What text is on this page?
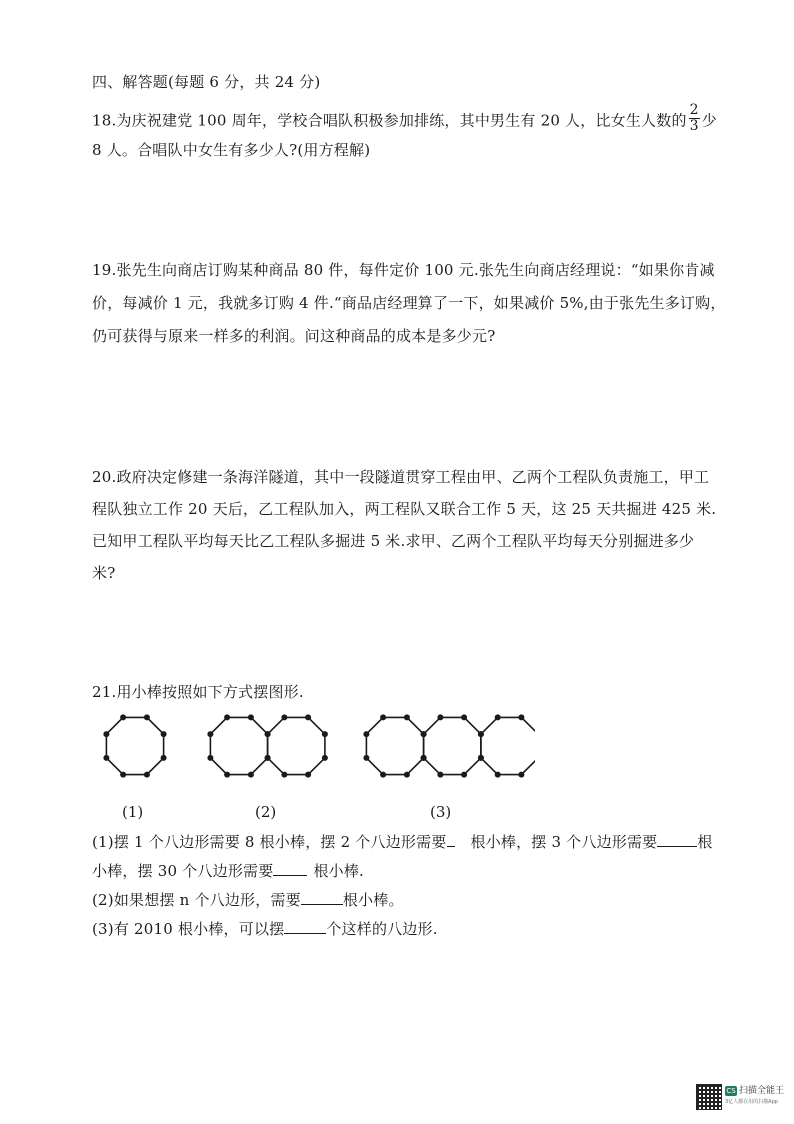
四、解答题(每题 6 分，共 24 分)
18.为庆祝建党 100 周年，学校合唱队积极参加排练，其中男生有 20 人，比女生人数的 $\frac{2}{3}$ 少
8 人。合唱队中女生有多少人?(用方程解)
19.张先生向商店订购某种商品 80 件，每件定价 100 元.张先生向商店经理说：“如果你肯减
价，每减价 1 元，我就多订购 4 件.“商品店经理算了一下，如果减价 5%,由于张先生多订购，
仍可获得与原来一样多的利润。问这种商品的成本是多少元?
20.政府决定修建一条海洋隧道，其中一段隧道贯穿工程由甲、乙两个工程队负责施工，甲工
程队独立工作 20 天后，乙工程队加入，两工程队又联合工作 5 天，这 25 天共掘进 425 米.
已知甲工程队平均每天比乙工程队多掘进 5 米.求甲、乙两个工程队平均每天分别掘进多少
米?
21.用小棒按照如下方式摆图形.
(1)	(2)	(3)
(1)摆 1 个八边形需要 8 根小棒，摆 2 个八边形需要 根小棒，摆 3 个八边形需要	根
小棒，摆 30 个八边形需要	根小棒.
(2)如果想摆 n 个八边形，需要	根小棒。
(3)有 2010 根小棒，可以摆	个这样的八边形.
CS 扫描全能王
3亿人都在用的扫描App
